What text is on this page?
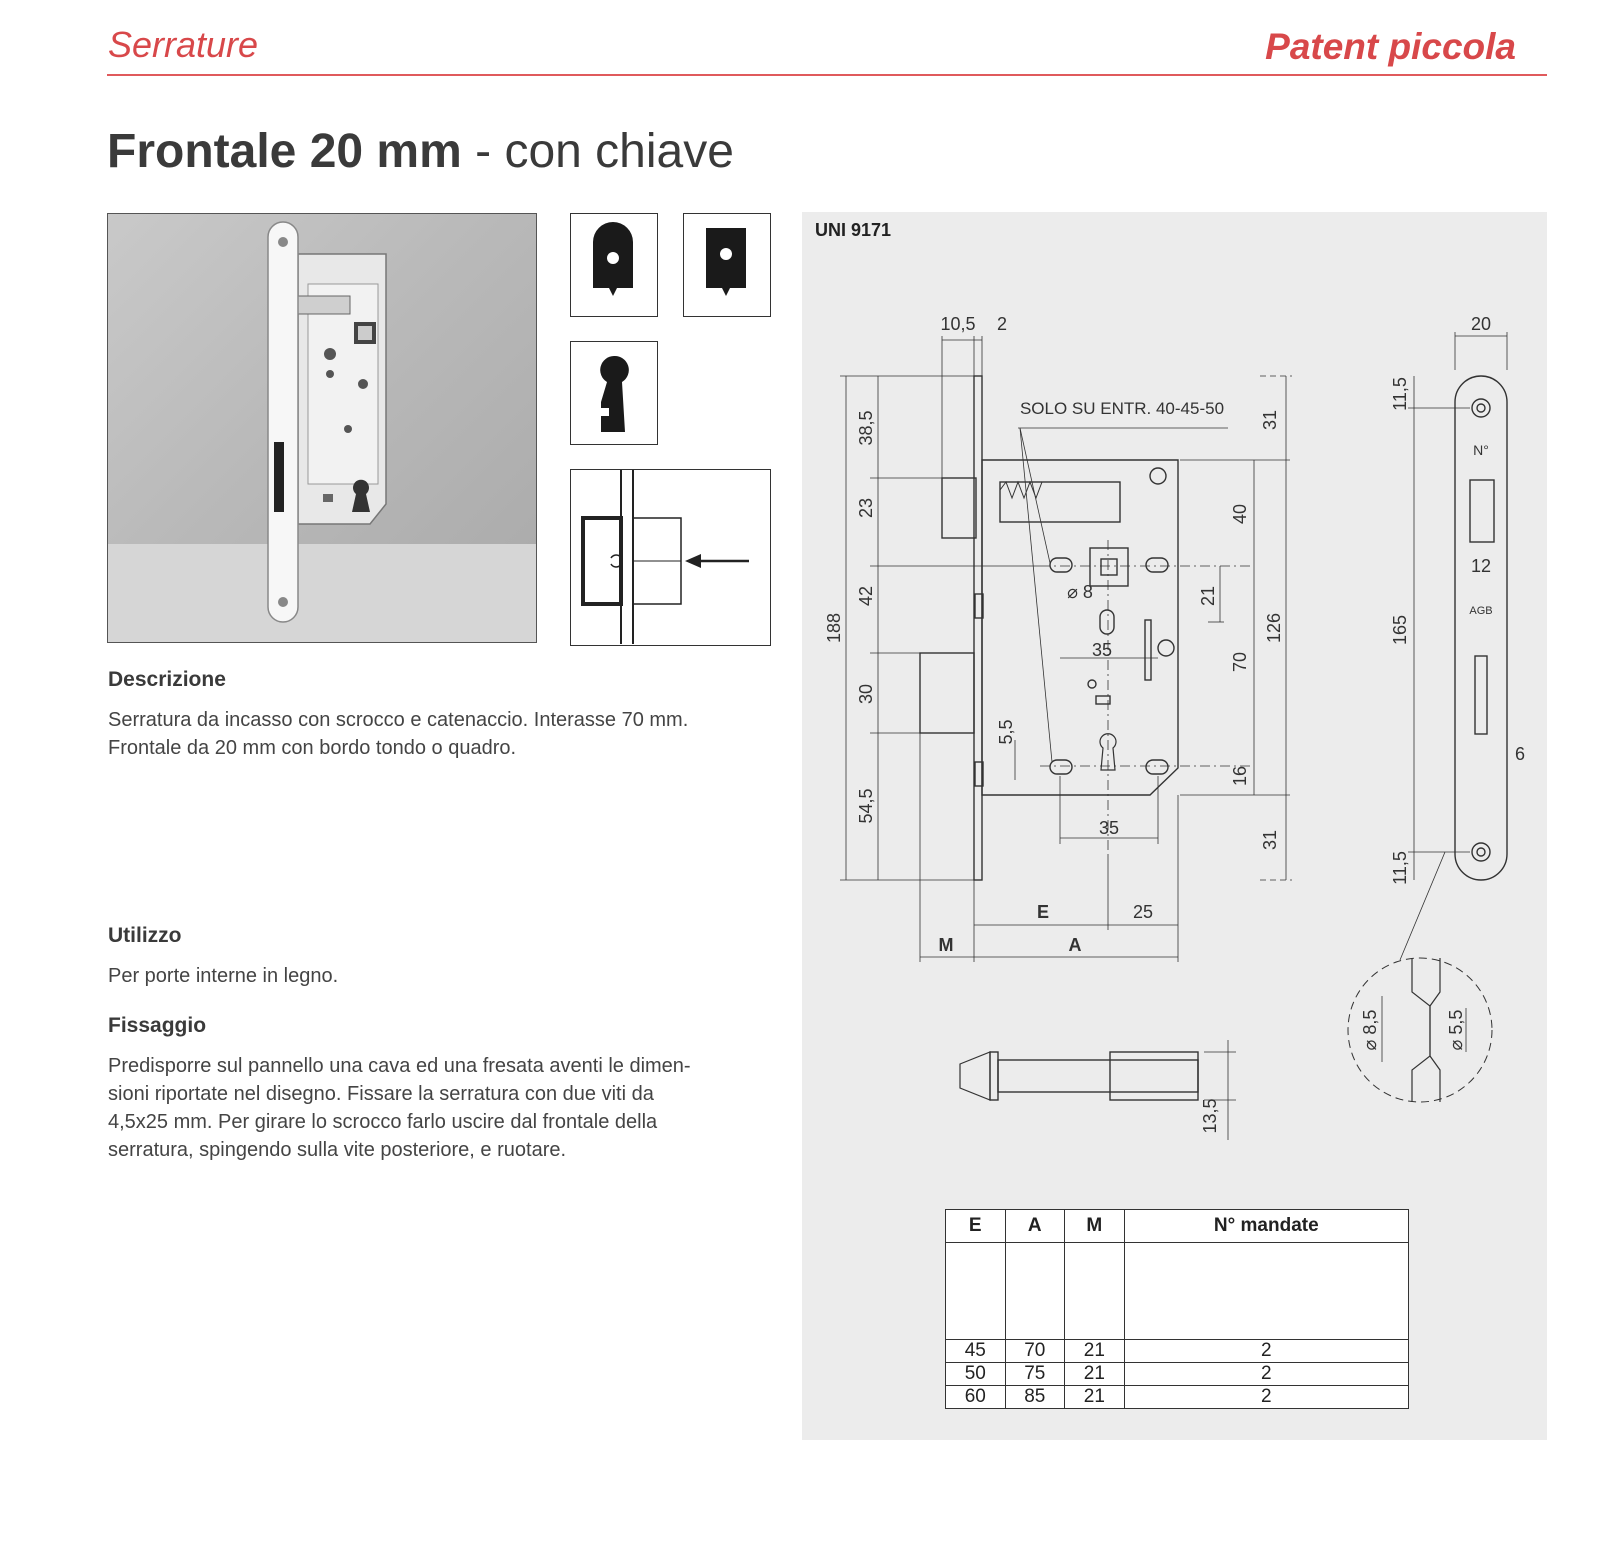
Serrature	Patent piccola
Frontale 20 mm - con chiave
Descrizione
Serratura da incasso con scrocco e catenaccio. Interasse 70 mm.
Frontale da 20 mm con bordo tondo o quadro.
Utilizzo
Per porte interne in legno.
Fissaggio
Predisporre sul pannello una cava ed una fresata aventi le dimen-
sioni riportate nel disegno. Fissare la serratura con due viti da
4,5x25 mm. Per girare lo scrocco farlo uscire dal frontale della
serratura, spingendo sulla vite posteriore, e ruotare.
UNI 9171
10,5 2	20
SOLO SU ENTR. 40-45-50
38,5
23
42
30
54,5
188
31
40
126
70
16
31
21
⌀ 8
35
5,5
35
E	25
M	A
11,5
165
11,5
12
6
N°
AGB
13,5
⌀ 8,5	⌀ 5,5
E	A	M	N° mandate

45	70	21	2
50	75	21	2
60	85	21	2
